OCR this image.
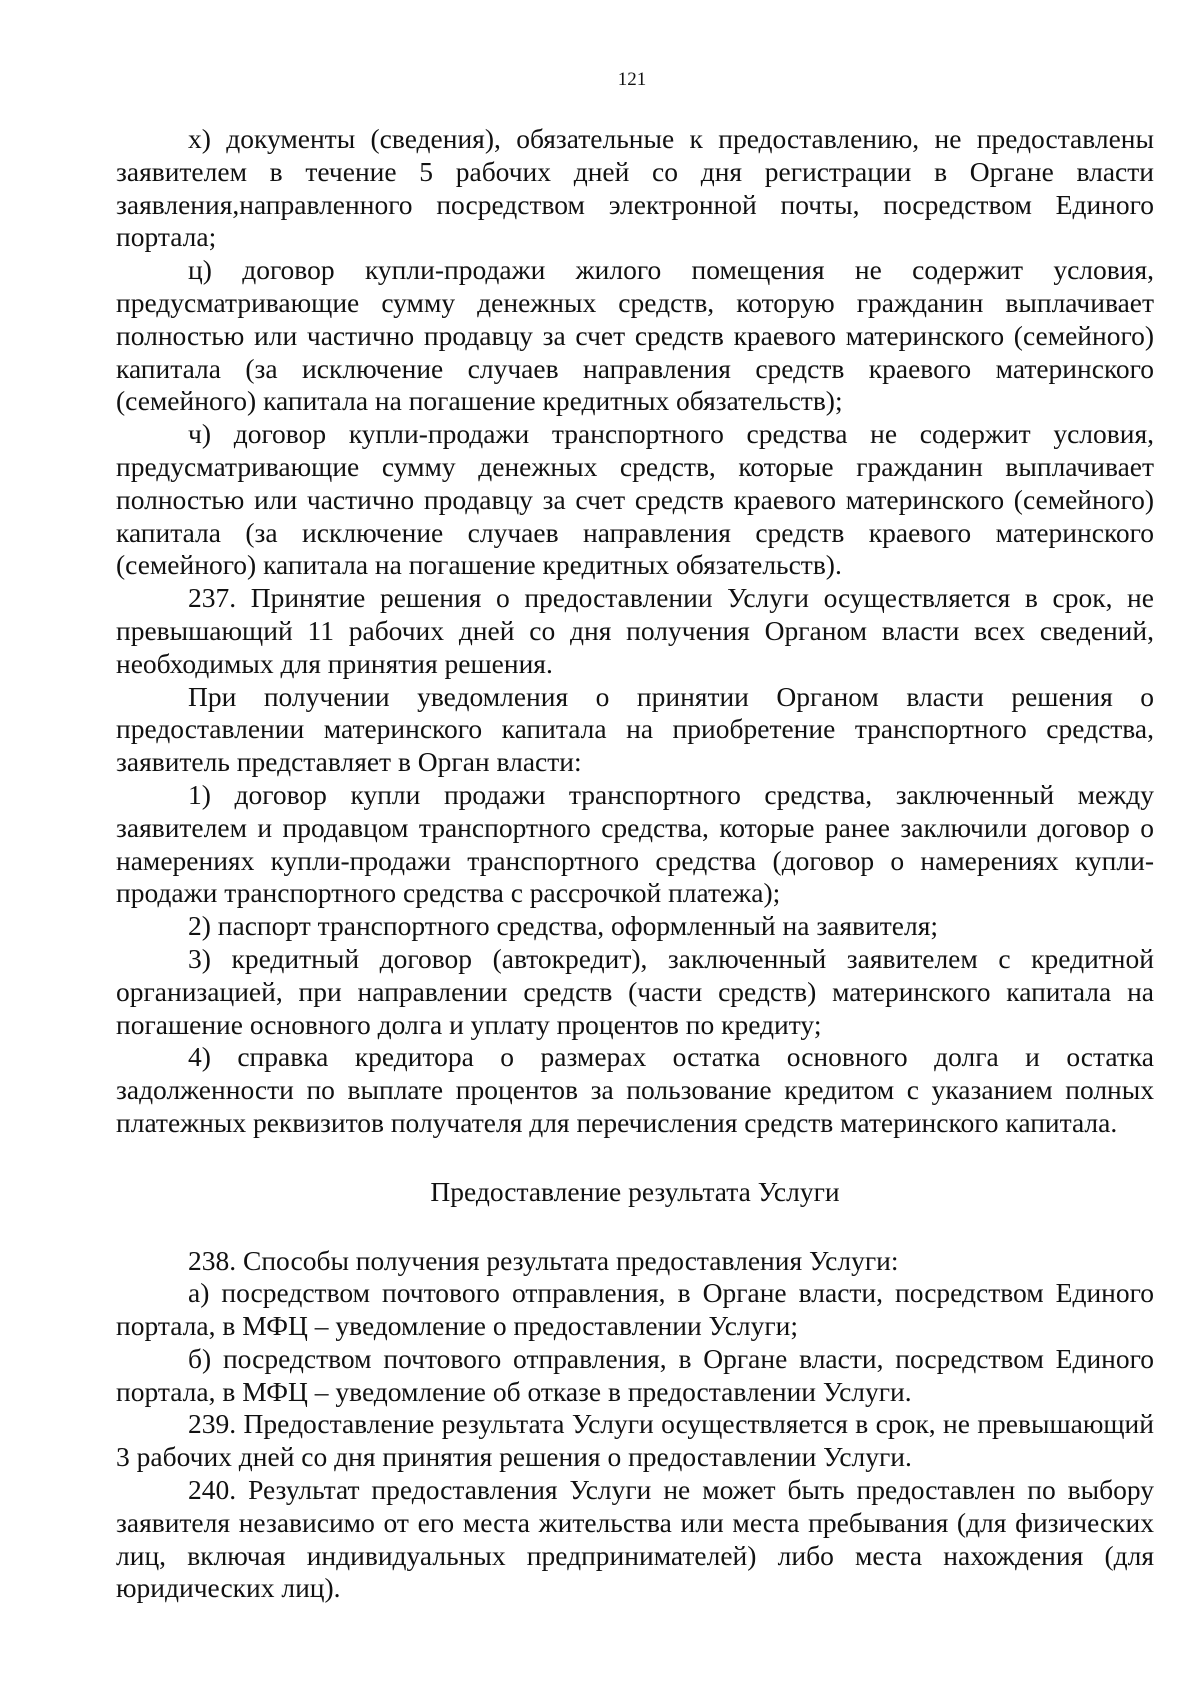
121

х) документы (сведения), обязательные к предоставлению, не предоставлены заявителем в течение 5 рабочих дней со дня регистрации в Органе власти заявления,направленного посредством электронной почты, посредством Единого портала;

ц) договор купли-продажи жилого помещения не содержит условия, предусматривающие сумму денежных средств, которую гражданин выплачивает полностью или частично продавцу за счет средств краевого материнского (семейного) капитала (за исключение случаев направления средств краевого материнского (семейного) капитала на погашение кредитных обязательств);

ч) договор купли-продажи транспортного средства не содержит условия, предусматривающие сумму денежных средств, которые гражданин выплачивает полностью или частично продавцу за счет средств краевого материнского (семейного) капитала (за исключение случаев направления средств краевого материнского (семейного) капитала на погашение кредитных обязательств).

237. Принятие решения о предоставлении Услуги осуществляется в срок, не превышающий 11 рабочих дней со дня получения Органом власти всех сведений, необходимых для принятия решения.

При получении уведомления о принятии Органом власти решения о предоставлении материнского капитала на приобретение транспортного средства, заявитель представляет в Орган власти:

1) договор купли продажи транспортного средства, заключенный между заявителем и продавцом транспортного средства, которые ранее заключили договор о намерениях купли-продажи транспортного средства (договор о намерениях купли-продажи транспортного средства с рассрочкой платежа);

2) паспорт транспортного средства, оформленный на заявителя;

3) кредитный договор (автокредит), заключенный заявителем с кредитной организацией, при направлении средств (части средств) материнского капитала на погашение основного долга и уплату процентов по кредиту;

4) справка кредитора о размерах остатка основного долга и остатка задолженности по выплате процентов за пользование кредитом с указанием полных платежных реквизитов получателя для перечисления средств материнского капитала.

Предоставление результата Услуги

238. Способы получения результата предоставления Услуги:

а) посредством почтового отправления, в Органе власти, посредством Единого портала, в МФЦ – уведомление о предоставлении Услуги;

б) посредством почтового отправления, в Органе власти, посредством Единого портала, в МФЦ – уведомление об отказе в предоставлении Услуги.

239. Предоставление результата Услуги осуществляется в срок, не превышающий 3 рабочих дней со дня принятия решения о предоставлении Услуги.

240. Результат предоставления Услуги не может быть предоставлен по выбору заявителя независимо от его места жительства или места пребывания (для физических лиц, включая индивидуальных предпринимателей) либо места нахождения (для юридических лиц).
